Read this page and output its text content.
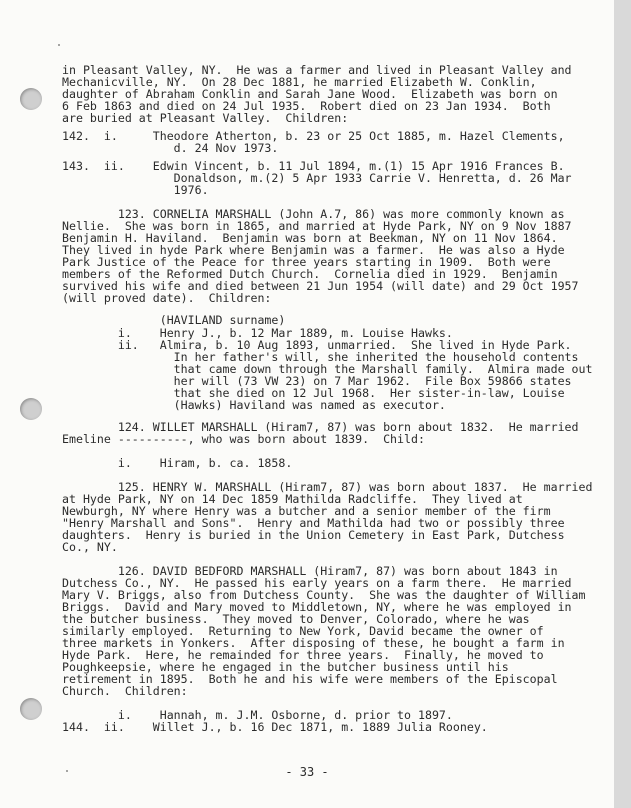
in Pleasant Valley, NY.  He was a farmer and lived in Pleasant Valley and
Mechanicville, NY.  On 28 Dec 1881, he married Elizabeth W. Conklin,
daughter of Abraham Conklin and Sarah Jane Wood.  Elizabeth was born on
6 Feb 1863 and died on 24 Jul 1935.  Robert died on 23 Jan 1934.  Both
are buried at Pleasant Valley.  Children:
142.  i.     Theodore Atherton, b. 23 or 25 Oct 1885, m. Hazel Clements,
d. 24 Nov 1973.
143.  ii.    Edwin Vincent, b. 11 Jul 1894, m.(1) 15 Apr 1916 Frances B.
Donaldson, m.(2) 5 Apr 1933 Carrie V. Henretta, d. 26 Mar
1976.
123. CORNELIA MARSHALL (John A.7, 86) was more commonly known as
Nellie.  She was born in 1865, and married at Hyde Park, NY on 9 Nov 1887
Benjamin H. Haviland.  Benjamin was born at Beekman, NY on 11 Nov 1864.
They lived in hyde Park where Benjamin was a farmer.  He was also a Hyde
Park Justice of the Peace for three years starting in 1909.  Both were
members of the Reformed Dutch Church.  Cornelia died in 1929.  Benjamin
survived his wife and died between 21 Jun 1954 (will date) and 29 Oct 1957
(will proved date).  Children:
(HAVILAND surname)
i.    Henry J., b. 12 Mar 1889, m. Louise Hawks.
ii.   Almira, b. 10 Aug 1893, unmarried.  She lived in Hyde Park.
In her father's will, she inherited the household contents
that came down through the Marshall family.  Almira made out
her will (73 VW 23) on 7 Mar 1962.  File Box 59866 states
that she died on 12 Jul 1968.  Her sister-in-law, Louise
(Hawks) Haviland was named as executor.
124. WILLET MARSHALL (Hiram7, 87) was born about 1832.  He married
Emeline ----------, who was born about 1839.  Child:
i.    Hiram, b. ca. 1858.
125. HENRY W. MARSHALL (Hiram7, 87) was born about 1837.  He married
at Hyde Park, NY on 14 Dec 1859 Mathilda Radcliffe.  They lived at
Newburgh, NY where Henry was a butcher and a senior member of the firm
"Henry Marshall and Sons".  Henry and Mathilda had two or possibly three
daughters.  Henry is buried in the Union Cemetery in East Park, Dutchess
Co., NY.
126. DAVID BEDFORD MARSHALL (Hiram7, 87) was born about 1843 in
Dutchess Co., NY.  He passed his early years on a farm there.  He married
Mary V. Briggs, also from Dutchess County.  She was the daughter of William
Briggs.  David and Mary moved to Middletown, NY, where he was employed in
the butcher business.  They moved to Denver, Colorado, where he was
similarly employed.  Returning to New York, David became the owner of
three markets in Yonkers.  After disposing of these, he bought a farm in
Hyde Park.  Here, he remainded for three years.  Finally, he moved to
Poughkeepsie, where he engaged in the butcher business until his
retirement in 1895.  Both he and his wife were members of the Episcopal
Church.  Children:
i.    Hannah, m. J.M. Osborne, d. prior to 1897.
144.  ii.    Willet J., b. 16 Dec 1871, m. 1889 Julia Rooney.
- 33 -
